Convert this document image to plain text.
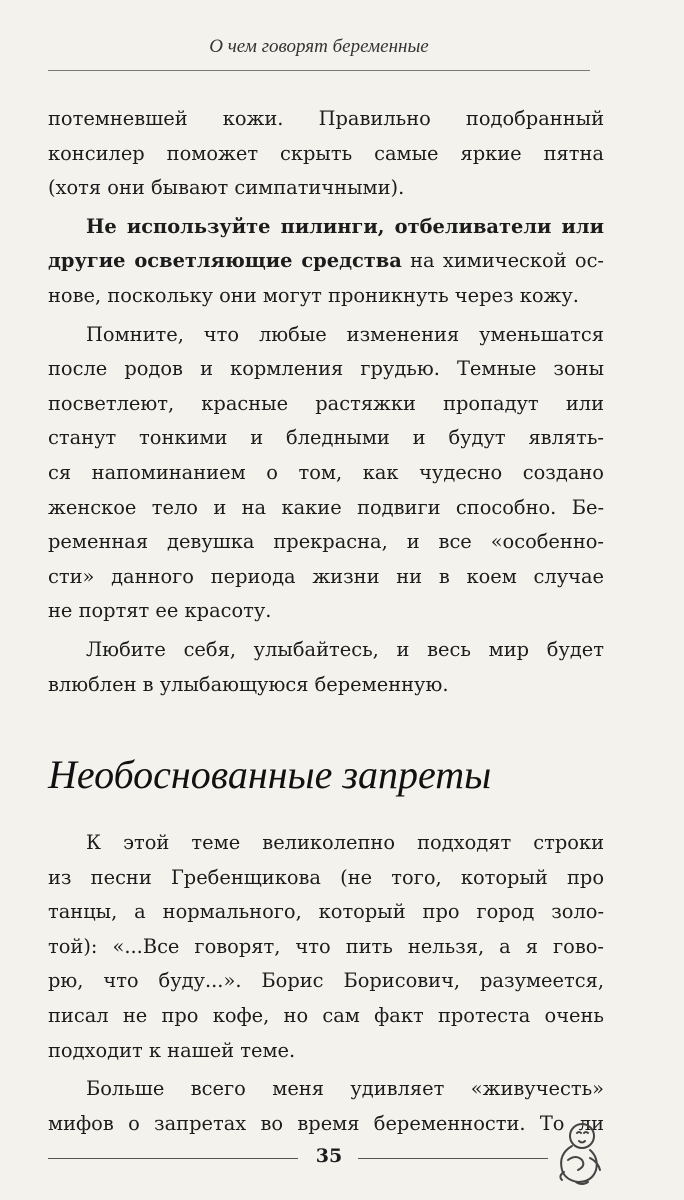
О чем говорят беременные
потемневшей кожи. Правильно подобранный
консилер поможет скрыть самые яркие пятна
(хотя они бывают симпатичными).
Не используйте пилинги, отбеливатели или
другие осветляющие средства на химической ос-
нове, поскольку они могут проникнуть через кожу.
Помните, что любые изменения уменьшатся
после родов и кормления грудью. Темные зоны
посветлеют, красные растяжки пропадут или
станут тонкими и бледными и будут являть-
ся напоминанием о том, как чудесно создано
женское тело и на какие подвиги способно. Бе-
ременная девушка прекрасна, и все «особенно-
сти» данного периода жизни ни в коем случае
не портят ее красоту.
Любите себя, улыбайтесь, и весь мир будет
влюблен в улыбающуюся беременную.
Необоснованные запреты
К этой теме великолепно подходят строки
из песни Гребенщикова (не того, который про
танцы, а нормального, который про город золо-
той): «...Все говорят, что пить нельзя, а я гово-
рю, что буду...». Борис Борисович, разумеется,
писал не про кофе, но сам факт протеста очень
подходит к нашей теме.
Больше всего меня удивляет «живучесть»
мифов о запретах во время беременности. То ли
35
